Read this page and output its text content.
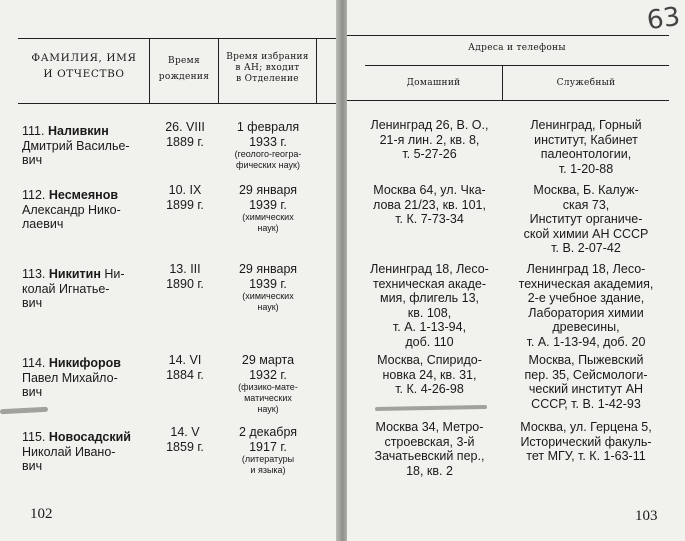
ФАМИЛИЯ, ИМЯ
И ОТЧЕСТВО
Время
рождения
Время избрания
в АН; входит
в Отделение
111. Наливкин
Дмитрий Василье-
вич
26. VIII
1889 г.
1 февраля
1933 г.
(геолого-геогра-
фических наук)
112. Несмеянов
Александр Нико-
лаевич
10. IX
1899 г.
29 января
1939 г.
(химических
наук)
113. Никитин Ни-
колай Игнатье-
вич
13. III
1890 г.
29 января
1939 г.
(химических
наук)
114. Никифоров
Павел Михайло-
вич
14. VI
1884 г.
29 марта
1932 г.
(физико-мате-
матических
наук)
115. Новосадский
Николай Ивано-
вич
14. V
1859 г.
2 декабря
1917 г.
(литературы
и языка)
102
Адреса и телефоны
Домашний	Служебный
Ленинград 26, В. О.,
21-я лин. 2, кв. 8,
т. 5-27-26
Ленинград, Горный
институт, Кабинет
палеонтологии,
т. 1-20-88
Москва 64, ул. Чка-
лова 21/23, кв. 101,
т. К. 7-73-34
Москва, Б. Калуж-
ская 73,
Институт органиче-
ской химии АН СССР
т. В. 2-07-42
Ленинград 18, Лесо-
техническая акаде-
мия, флигель 13,
кв. 108,
т. А. 1-13-94,
доб. 110
Ленинград 18, Лесо-
техническая академия,
2-е учебное здание,
Лаборатория химии
древесины,
т. А. 1-13-94, доб. 20
Москва, Спиридо-
новка 24, кв. 31,
т. К. 4-26-98
Москва, Пыжевский
пер. 35, Сейсмологи-
ческий институт АН
СССР, т. В. 1-42-93
Москва 34, Метро-
строевская, 3-й
Зачатьевский пер.,
18, кв. 2
Москва, ул. Герцена 5,
Исторический факуль-
тет МГУ, т. К. 1-63-11
103
63
